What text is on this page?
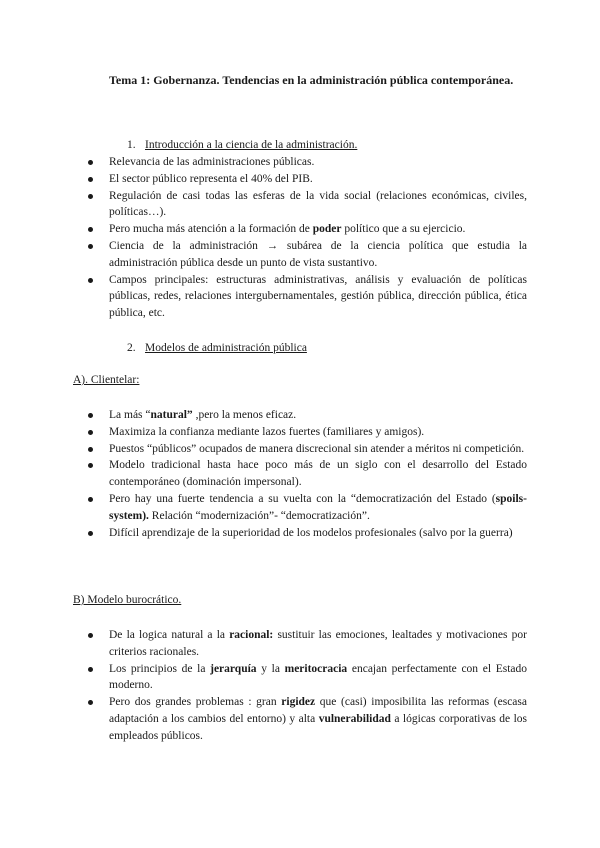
Tema 1: Gobernanza. Tendencias en la administración pública contemporánea.
1. Introducción a la ciencia de la administración.
Relevancia de las administraciones públicas.
El sector público representa el 40% del PIB.
Regulación de casi todas las esferas de la vida social (relaciones económicas, civiles, políticas…).
Pero mucha más atención a la formación de poder político que a su ejercicio.
Ciencia de la administración → subárea de la ciencia política que estudia la administración pública desde un punto de vista sustantivo.
Campos principales: estructuras administrativas, análisis y evaluación de políticas públicas, redes, relaciones intergubernamentales, gestión pública, dirección pública, ética pública, etc.
2. Modelos de administración pública
A). Clientelar:
La más “natural” ,pero la menos eficaz.
Maximiza la confianza mediante lazos fuertes (familiares y amigos).
Puestos “públicos” ocupados de manera discrecional sin atender a méritos ni competición.
Modelo tradicional hasta hace poco más de un siglo con el desarrollo del Estado contemporáneo (dominación impersonal).
Pero hay una fuerte tendencia a su vuelta con la “democratización del Estado (spoils-system). Relación “modernización”- “democratización”.
Difícil aprendizaje de la superioridad de los modelos profesionales (salvo por la guerra)
B) Modelo burocrático.
De la logica natural a la racional: sustituir las emociones, lealtades y motivaciones por criterios racionales.
Los principios de la jerarquía y la meritocracia encajan perfectamente con el Estado moderno.
Pero dos grandes problemas : gran rigidez que (casi) imposibilita las reformas (escasa adaptación a los cambios del entorno) y alta vulnerabilidad a lógicas corporativas de los empleados públicos.
